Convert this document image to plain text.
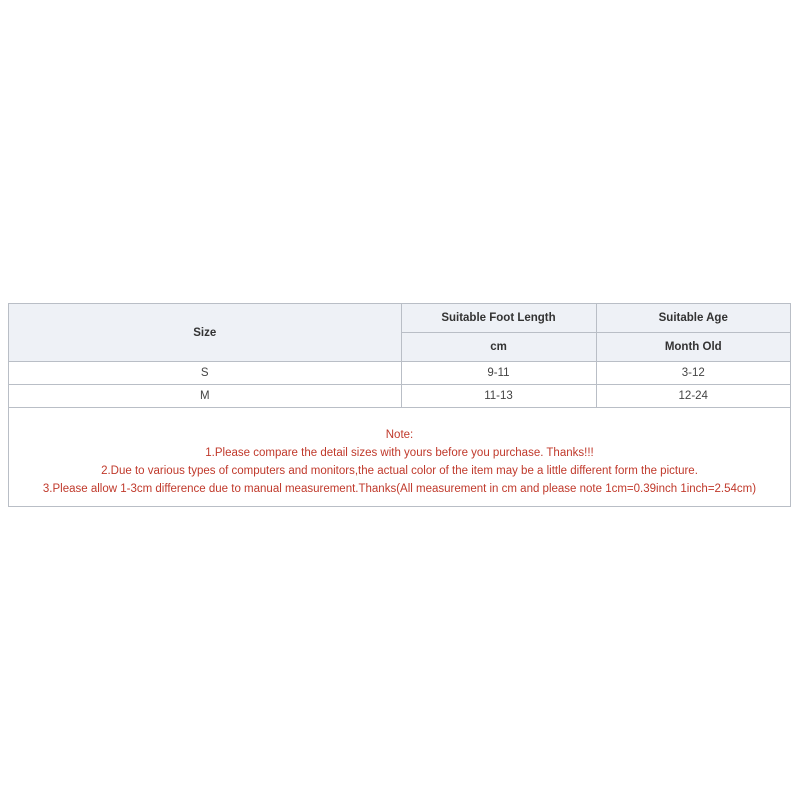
Size	Suitable Foot Length	Suitable Age
	cm	Month Old
S	9-11	3-12
M	11-13	12-24

Note:

1.Please compare the detail sizes with yours before you purchase. Thanks!!!

2.Due to various types of computers and monitors,the actual color of the item may be a little different form the picture.

3.Please allow 1-3cm difference due to manual measurement.Thanks(All measurement in cm and please note 1cm=0.39inch 1inch=2.54cm)
